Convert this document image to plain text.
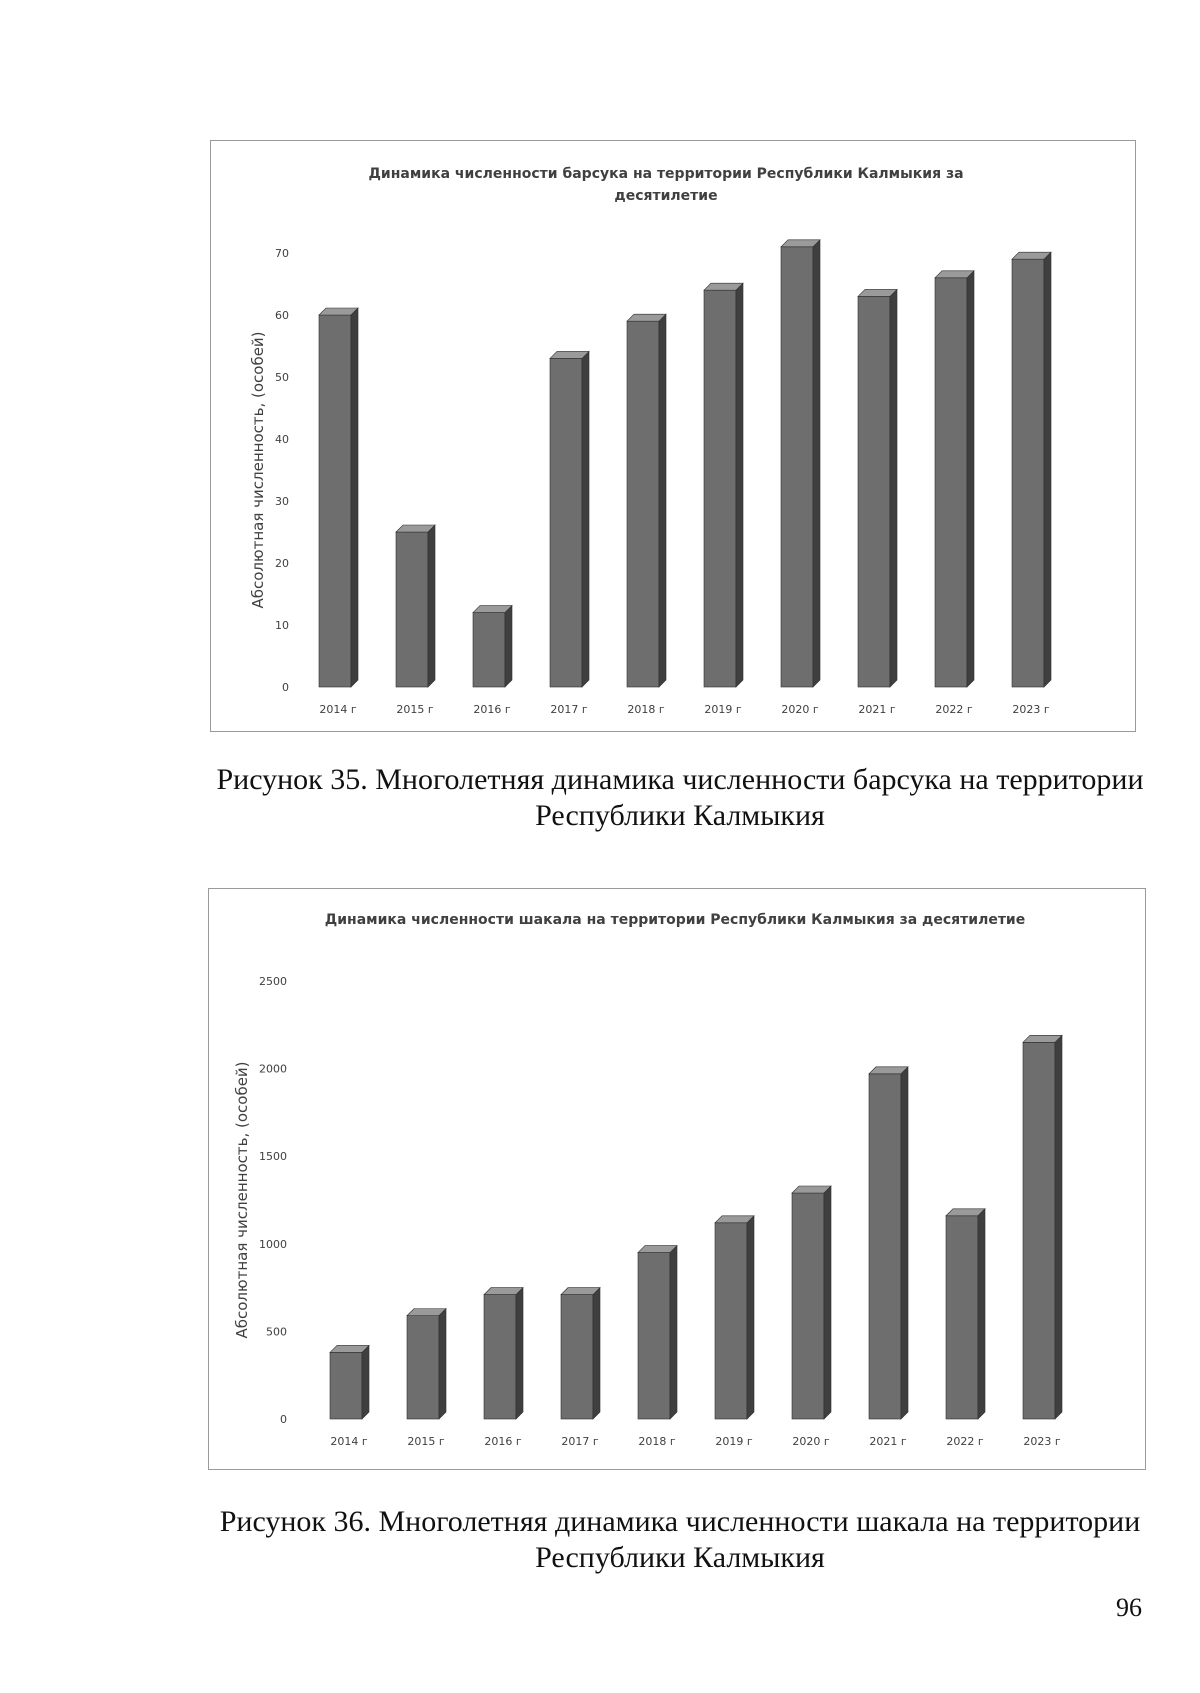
Динамика численности барсука на территории Республики Калмыкия за
десятилетие
Абсолютная численность, (особей)
0
10
20
30
40
50
60
70
2014 г	2015 г	2016 г	2017 г	2018 г	2019 г	2020 г	2021 г	2022 г	2023 г
Рисунок 35. Многолетняя динамика численности барсука на территории Республики Калмыкия
Динамика численности шакала на территории Республики Калмыкия за десятилетие
Абсолютная численность, (особей)
0
500
1000
1500
2000
2500
2014 г	2015 г	2016 г	2017 г	2018 г	2019 г	2020 г	2021 г	2022 г	2023 г
Рисунок 36. Многолетняя динамика численности шакала на территории Республики Калмыкия
96
